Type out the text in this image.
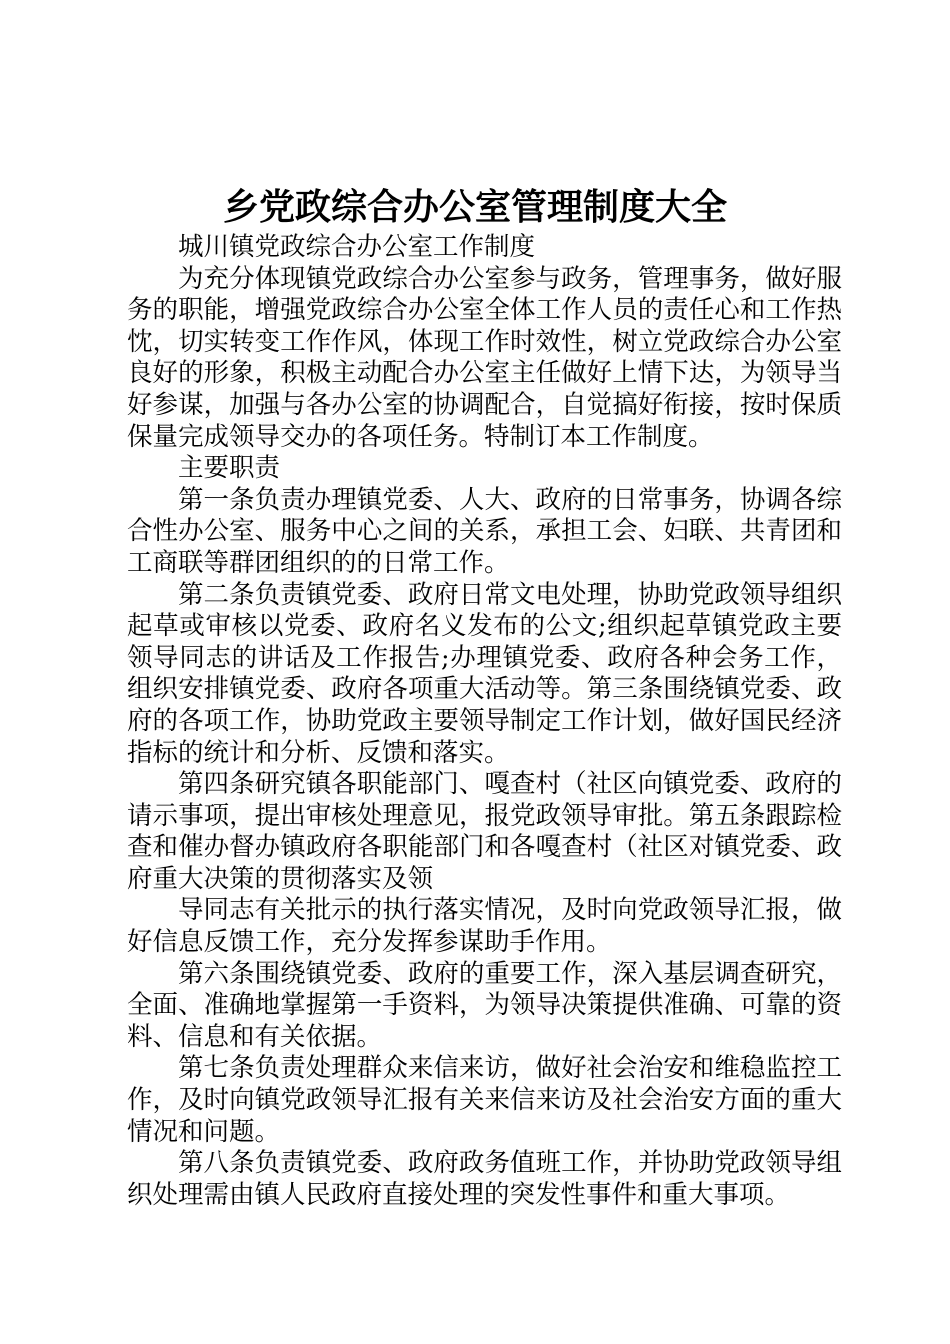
乡党政综合办公室管理制度大全

城川镇党政综合办公室工作制度

为充分体现镇党政综合办公室参与政务，管理事务，做好服务的职能，增强党政综合办公室全体工作人员的责任心和工作热忱，切实转变工作作风，体现工作时效性，树立党政综合办公室良好的形象，积极主动配合办公室主任做好上情下达，为领导当好参谋，加强与各办公室的协调配合，自觉搞好衔接，按时保质保量完成领导交办的各项任务。特制订本工作制度。

主要职责

第一条负责办理镇党委、人大、政府的日常事务，协调各综合性办公室、服务中心之间的关系，承担工会、妇联、共青团和工商联等群团组织的的日常工作。

第二条负责镇党委、政府日常文电处理，协助党政领导组织起草或审核以党委、政府名义发布的公文;组织起草镇党政主要领导同志的讲话及工作报告;办理镇党委、政府各种会务工作，组织安排镇党委、政府各项重大活动等。第三条围绕镇党委、政府的各项工作，协助党政主要领导制定工作计划，做好国民经济指标的统计和分析、反馈和落实。

第四条研究镇各职能部门、嘎查村（社区向镇党委、政府的请示事项，提出审核处理意见，报党政领导审批。第五条跟踪检查和催办督办镇政府各职能部门和各嘎查村（社区对镇党委、政府重大决策的贯彻落实及领

导同志有关批示的执行落实情况，及时向党政领导汇报，做好信息反馈工作，充分发挥参谋助手作用。

第六条围绕镇党委、政府的重要工作，深入基层调查研究，全面、准确地掌握第一手资料，为领导决策提供准确、可靠的资料、信息和有关依据。

第七条负责处理群众来信来访，做好社会治安和维稳监控工作，及时向镇党政领导汇报有关来信来访及社会治安方面的重大情况和问题。

第八条负责镇党委、政府政务值班工作，并协助党政领导组织处理需由镇人民政府直接处理的突发性事件和重大事项。
